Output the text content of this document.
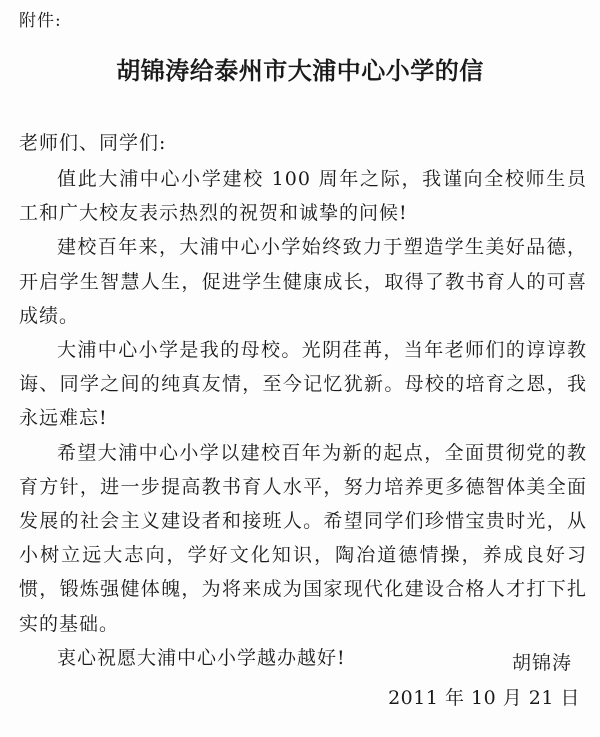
附件:
胡锦涛给泰州市大浦中心小学的信
老师们、同学们:

值此大浦中心小学建校 100 周年之际，我谨向全校师生员工和广大校友表示热烈的祝贺和诚挚的问候!

建校百年来，大浦中心小学始终致力于塑造学生美好品德，开启学生智慧人生，促进学生健康成长，取得了教书育人的可喜成绩。

大浦中心小学是我的母校。光阴荏苒，当年老师们的谆谆教诲、同学之间的纯真友情，至今记忆犹新。母校的培育之恩，我永远难忘!

希望大浦中心小学以建校百年为新的起点，全面贯彻党的教育方针，进一步提高教书育人水平，努力培养更多德智体美全面发展的社会主义建设者和接班人。希望同学们珍惜宝贵时光，从小树立远大志向，学好文化知识，陶冶道德情操，养成良好习惯，锻炼强健体魄，为将来成为国家现代化建设合格人才打下扎实的基础。

衷心祝愿大浦中心小学越办越好!	胡锦涛
2011 年 10 月 21 日
